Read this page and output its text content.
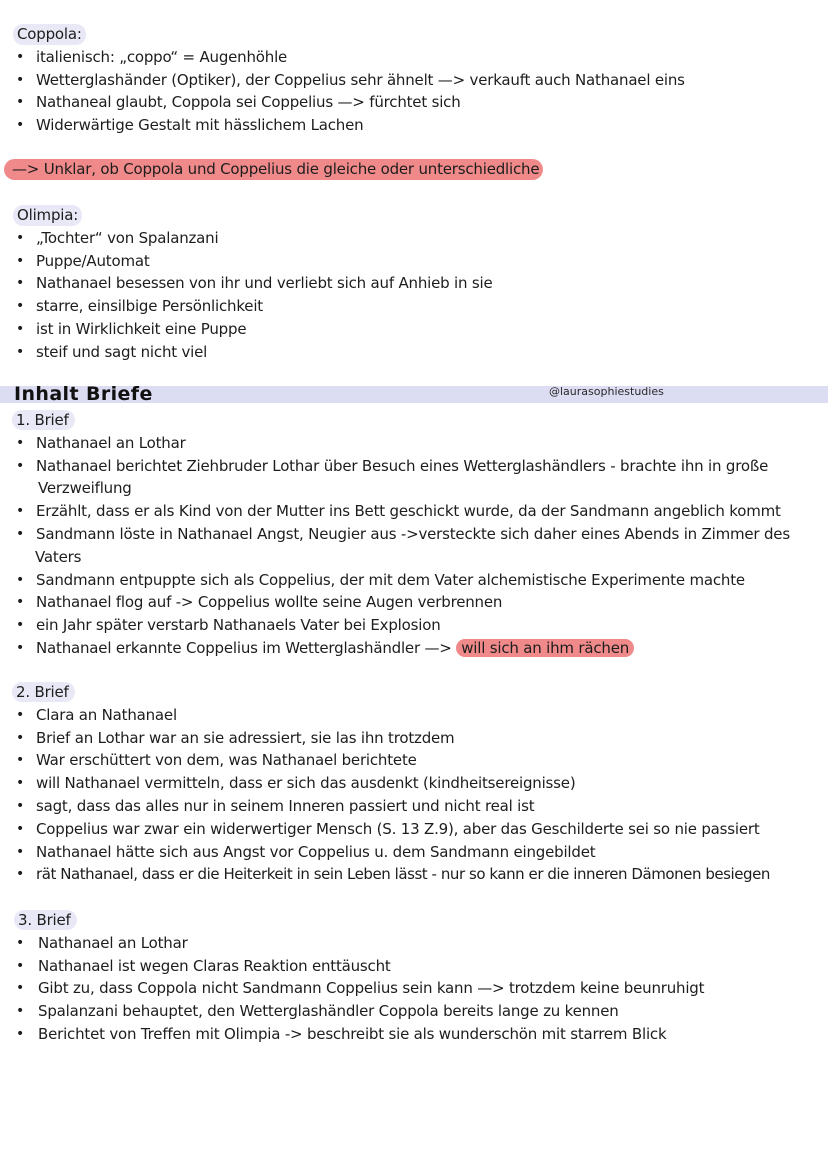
Coppola:
• italienisch: „coppo“ = Augenhöhle
• Wetterglashänder (Optiker), der Coppelius sehr ähnelt —> verkauft auch Nathanael eins
• Nathaneal glaubt, Coppola sei Coppelius —> fürchtet sich
• Widerwärtige Gestalt mit hässlichem Lachen
—> Unklar, ob Coppola und Coppelius die gleiche oder unterschiedliche
Olimpia:
• „Tochter“ von Spalanzani
• Puppe/Automat
• Nathanael besessen von ihr und verliebt sich auf Anhieb in sie
• starre, einsilbige Persönlichkeit
• ist in Wirklichkeit eine Puppe
• steif und sagt nicht viel
Inhalt Briefe	@laurasophiestudies
1. Brief
• Nathanael an Lothar
• Nathanael berichtet Ziehbruder Lothar über Besuch eines Wetterglashändlers - brachte ihn in große
Verzweiflung
• Erzählt, dass er als Kind von der Mutter ins Bett geschickt wurde, da der Sandmann angeblich kommt
• Sandmann löste in Nathanael Angst, Neugier aus ->versteckte sich daher eines Abends in Zimmer des
Vaters
• Sandmann entpuppte sich als Coppelius, der mit dem Vater alchemistische Experimente machte
• Nathanael flog auf -> Coppelius wollte seine Augen verbrennen
• ein Jahr später verstarb Nathanaels Vater bei Explosion
• Nathanael erkannte Coppelius im Wetterglashändler —> will sich an ihm rächen
2. Brief
• Clara an Nathanael
• Brief an Lothar war an sie adressiert, sie las ihn trotzdem
• War erschüttert von dem, was Nathanael berichtete
• will Nathanael vermitteln, dass er sich das ausdenkt (kindheitsereignisse)
• sagt, dass das alles nur in seinem Inneren passiert und nicht real ist
• Coppelius war zwar ein widerwertiger Mensch (S. 13 Z.9), aber das Geschilderte sei so nie passiert
• Nathanael hätte sich aus Angst vor Coppelius u. dem Sandmann eingebildet
• rät Nathanael, dass er die Heiterkeit in sein Leben lässt - nur so kann er die inneren Dämonen besiegen
3. Brief
• Nathanael an Lothar
• Nathanael ist wegen Claras Reaktion enttäuscht
• Gibt zu, dass Coppola nicht Sandmann Coppelius sein kann —> trotzdem keine beunruhigt
• Spalanzani behauptet, den Wetterglashändler Coppola bereits lange zu kennen
• Berichtet von Treffen mit Olimpia -> beschreibt sie als wunderschön mit starrem Blick
